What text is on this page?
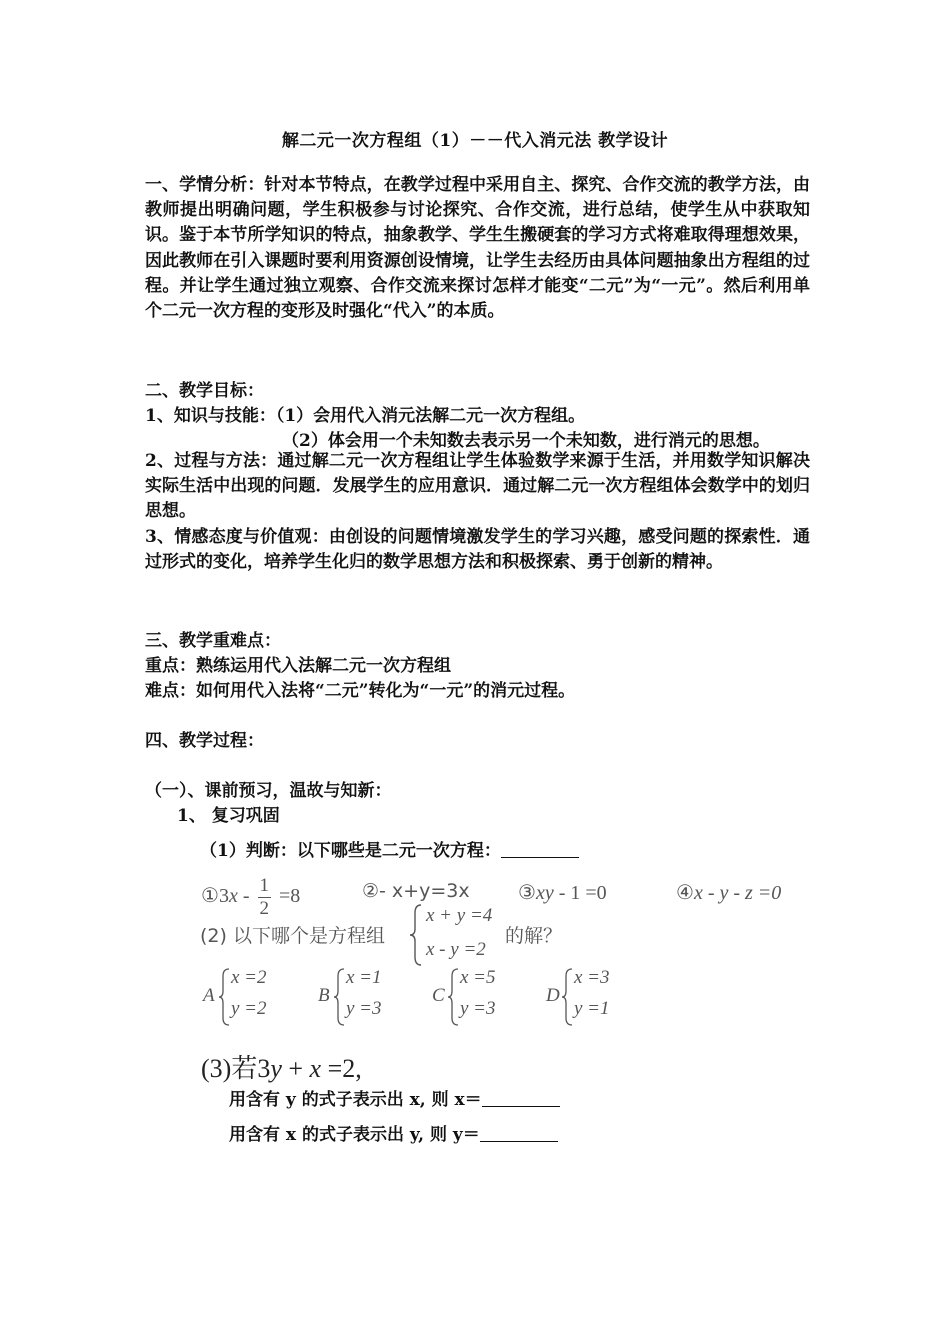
解二元一次方程组（1）－－代入消元法 教学设计
一、学情分析：针对本节特点，在教学过程中采用自主、探究、合作交流的教学方法，由教师提出明确问题，学生积极参与讨论探究、合作交流，进行总结，使学生从中获取知识。鉴于本节所学知识的特点，抽象教学、学生生搬硬套的学习方式将难取得理想效果，因此教师在引入课题时要利用资源创设情境，让学生去经历由具体问题抽象出方程组的过程。并让学生通过独立观察、合作交流来探讨怎样才能变“二元”为“一元”。然后利用单个二元一次方程的变形及时强化“代入”的本质。
二、教学目标：
1、知识与技能：（1）会用代入消元法解二元一次方程组。
（2）体会用一个未知数去表示另一个未知数，进行消元的思想。
2、过程与方法：通过解二元一次方程组让学生体验数学来源于生活，并用数学知识解决实际生活中出现的问题．发展学生的应用意识．通过解二元一次方程组体会数学中的划归思想。
3、情感态度与价值观：由创设的问题情境激发学生的学习兴趣，感受问题的探索性．通过形式的变化，培养学生化归的数学思想方法和积极探索、勇于创新的精神。
三、教学重难点：
重点：熟练运用代入法解二元一次方程组
难点：如何用代入法将“二元”转化为“一元”的消元过程。
四、教学过程：
（一）、课前预习，温故与知新：
1、 复习巩固
（1）判断：以下哪些是二元一次方程：
①3x - $\frac{1}{2} =8$	②- x+y=3x ③xy - 1 =0	④x - y - z =0
(2) 以下哪个是方程组
x + y =4
x - y =2
的解？
A
x =2
y =2
B
x =1
y =3
C
x =5
y =3
D
x =3
y =1
(3)若3y + x =2,
用含有 y 的式子表示出 x, 则 x＝
用含有 x 的式子表示出 y, 则 y＝
